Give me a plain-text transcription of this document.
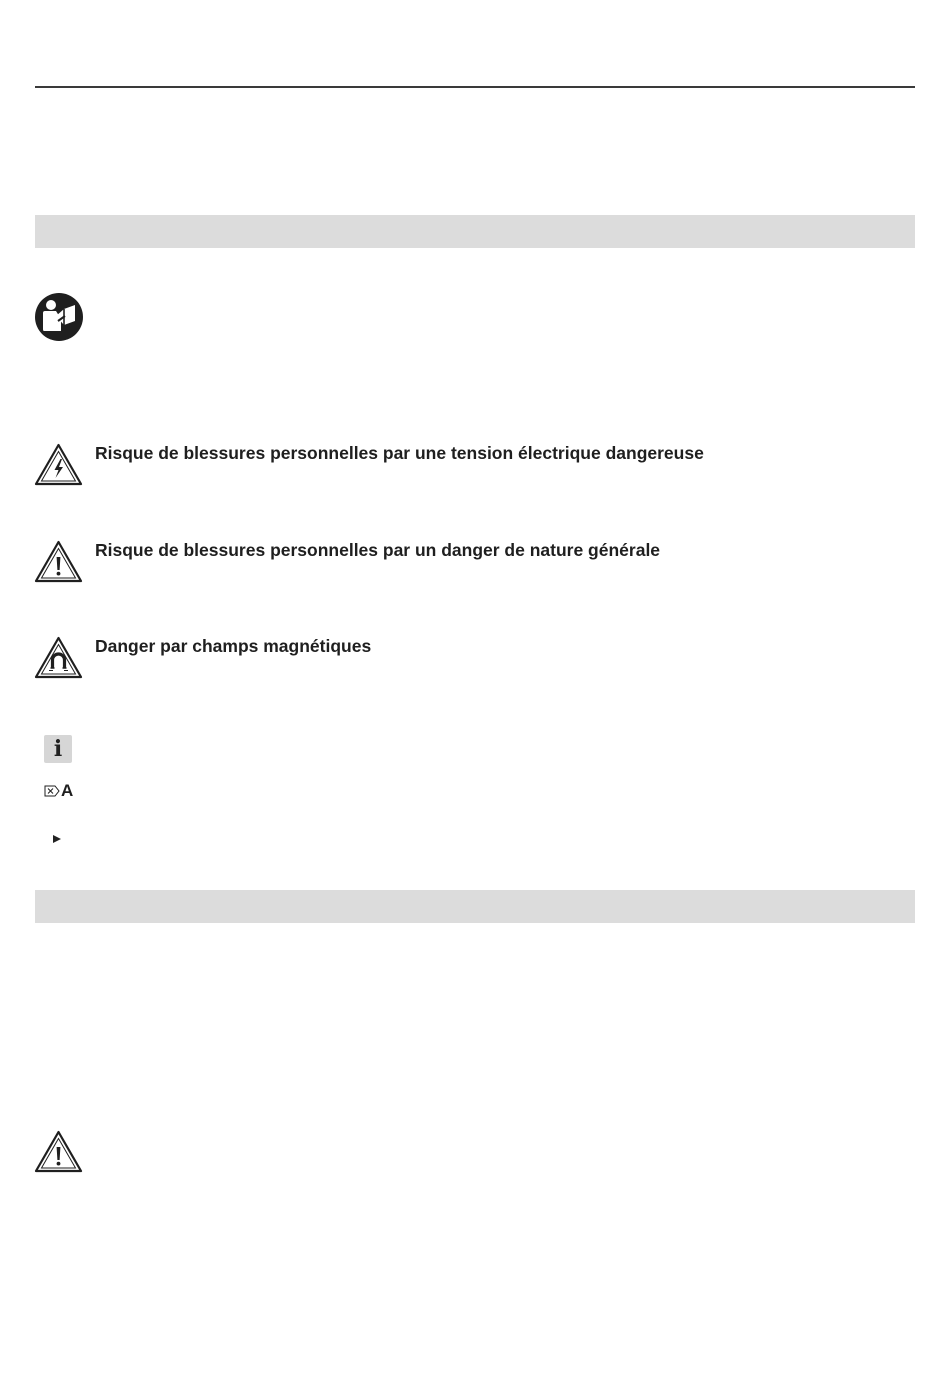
Risque de blessures personnelles par une tension électrique dangereuse
Risque de blessures personnelles par un danger de nature générale
Danger par champs magnétiques
i
A
